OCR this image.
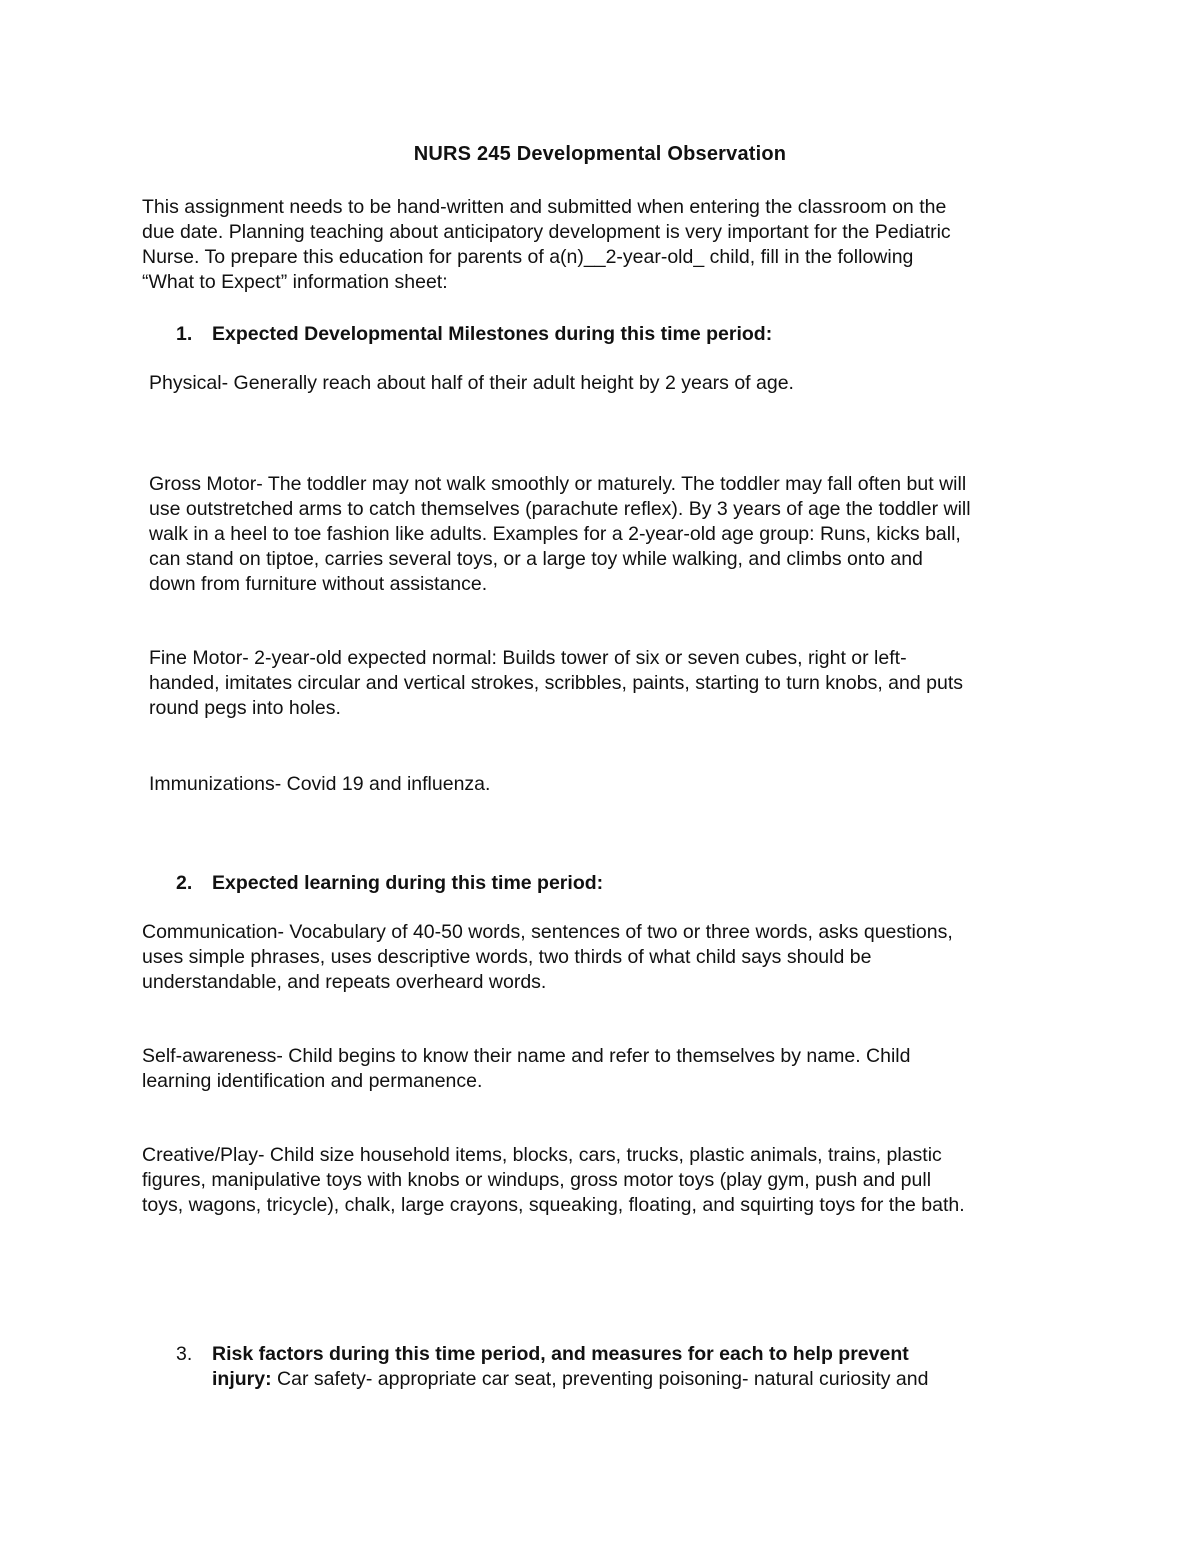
NURS 245 Developmental Observation
This assignment needs to be hand-written and submitted when entering the classroom on the
due date. Planning teaching about anticipatory development is very important for the Pediatric
Nurse. To prepare this education for parents of a(n)__2-year-old_ child, fill in the following
“What to Expect” information sheet:
1. Expected Developmental Milestones during this time period:
Physical- Generally reach about half of their adult height by 2 years of age.
Gross Motor- The toddler may not walk smoothly or maturely. The toddler may fall often but will
use outstretched arms to catch themselves (parachute reflex). By 3 years of age the toddler will
walk in a heel to toe fashion like adults. Examples for a 2-year-old age group: Runs, kicks ball,
can stand on tiptoe, carries several toys, or a large toy while walking, and climbs onto and
down from furniture without assistance.
Fine Motor- 2-year-old expected normal: Builds tower of six or seven cubes, right or left-
handed, imitates circular and vertical strokes, scribbles, paints, starting to turn knobs, and puts
round pegs into holes.
Immunizations- Covid 19 and influenza.
2. Expected learning during this time period:
Communication- Vocabulary of 40-50 words, sentences of two or three words, asks questions,
uses simple phrases, uses descriptive words, two thirds of what child says should be
understandable, and repeats overheard words.
Self-awareness- Child begins to know their name and refer to themselves by name. Child
learning identification and permanence.
Creative/Play- Child size household items, blocks, cars, trucks, plastic animals, trains, plastic
figures, manipulative toys with knobs or windups, gross motor toys (play gym, push and pull
toys, wagons, tricycle), chalk, large crayons, squeaking, floating, and squirting toys for the bath.
3. Risk factors during this time period, and measures for each to help prevent
injury: Car safety- appropriate car seat, preventing poisoning- natural curiosity and
